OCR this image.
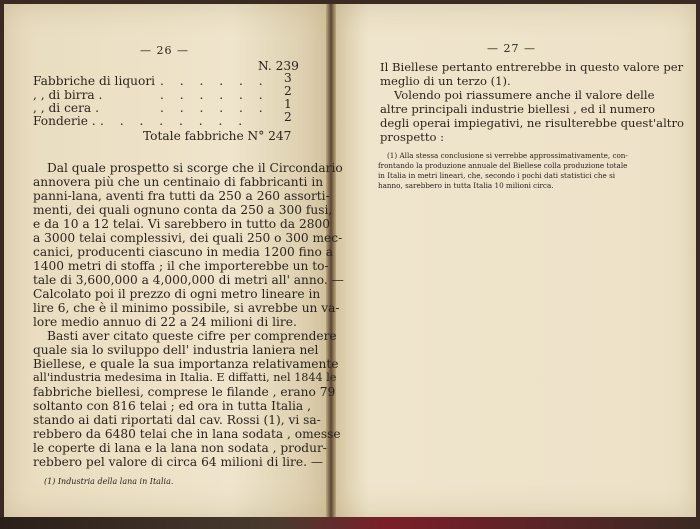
— 26 —
N. 239
Fabbriche di liquori . . . . . . 3
, , di birra .	. . . . . . 2
, , di cera .	. . . . . . 1
Fonderie . . . . . . . . .	2
Totale fabbriche N° 247
Dal quale prospetto si scorge che il Circondario
annovera più che un centinaio di fabbricanti in
panni-lana, aventi fra tutti da 250 a 260 assorti-
menti, dei quali ognuno conta da 250 a 300 fusi,
e da 10 a 12 telai. Vi sarebbero in tutto da 2800
a 3000 telai complessivi, dei quali 250 o 300 mec-
canici, producenti ciascuno in media 1200 fino a
1400 metri di stoffa ; il che importerebbe un to-
tale di 3,600,000 a 4,000,000 di metri all' anno. —
Calcolato poi il prezzo di ogni metro lineare in
lire 6, che è il minimo possibile, si avrebbe un va-
lore medio annuo di 22 a 24 milioni di lire.
Basti aver citato queste cifre per comprendere
quale sia lo sviluppo dell' industria laniera nel
Biellese, e quale la sua importanza relativamente
all'industria medesima in Italia. E diffatti, nel 1844 le
fabbriche biellesi, comprese le filande , erano 79
soltanto con 816 telai ; ed ora in tutta Italia ,
stando ai dati riportati dal cav. Rossi (1), vi sa-
rebbero da 6480 telai che in lana sodata , omesse
le coperte di lana e la lana non sodata , produr-
rebbero pel valore di circa 64 milioni di lire. —
(1) Industria della lana in Italia.
— 27 —
Il Biellese pertanto entrerebbe in questo valore per
meglio di un terzo (1).
Volendo poi riassumere anche il valore delle
altre principali industrie biellesi , ed il numero
degli operai impiegativi, ne risulterebbe quest'altro
prospetto :
(1) Alla stessa conclusione si verrebbe approssimativamente, con-
frontando la produzione annuale del Biellese colla produzione totale
in Italia in metri lineari, che, secondo i pochi dati statistici che si
hanno, sarebbero in tutta Italia 10 milioni circa.
